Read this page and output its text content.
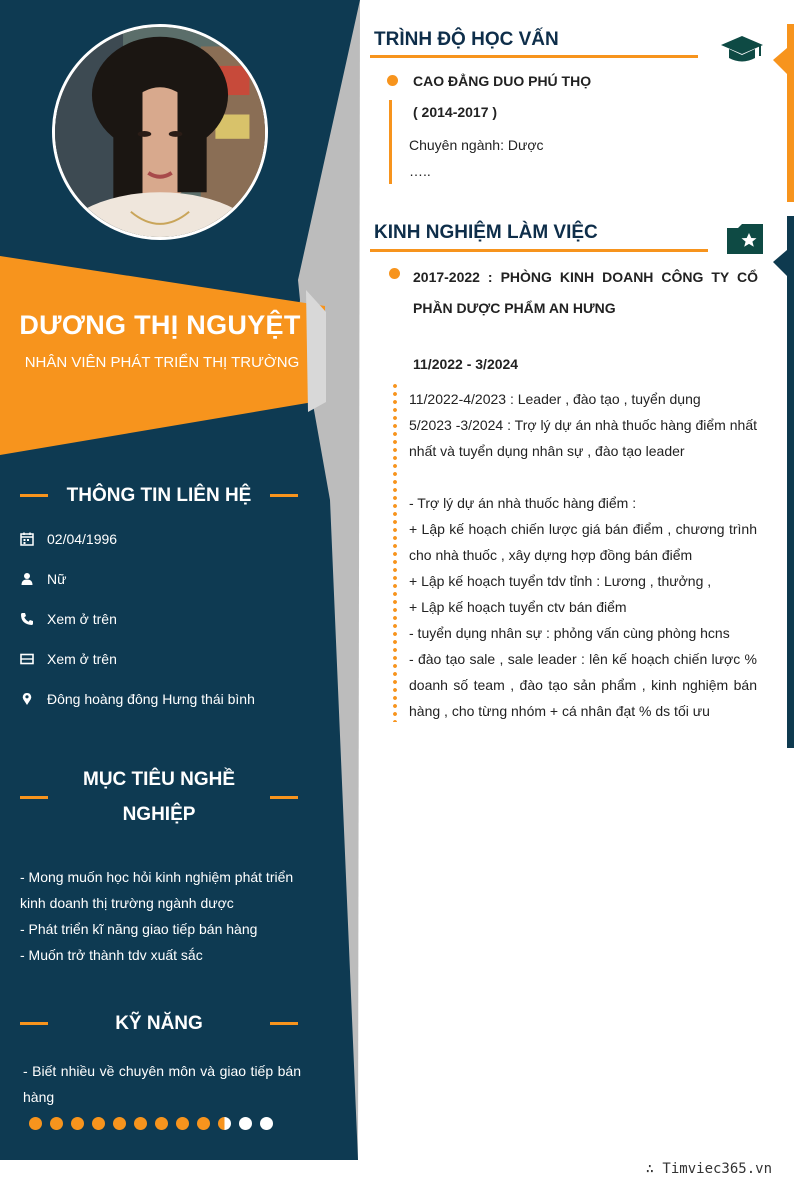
DƯƠNG THỊ NGUYỆT
NHÂN VIÊN PHÁT TRIỂN THỊ TRƯỜNG
THÔNG TIN LIÊN HỆ
02/04/1996
Nữ
Xem ở trên
Xem ở trên
Đông hoàng đông Hưng thái bình
MỤC TIÊU NGHỀ NGHIỆP

- Mong muốn học hỏi kinh nghiệm phát triển kinh doanh thị trường ngành dược

- Phát triển kĩ năng giao tiếp bán hàng

- Muốn trở thành tdv xuất sắc

KỸ NĂNG

- Biết nhiều về chuyên môn và giao tiếp bán hàng

TRÌNH ĐỘ HỌC VẤN
CAO ĐẲNG DUO PHÚ THỌ
( 2014-2017 )
Chuyên ngành: Dược
…..
KINH NGHIỆM LÀM VIỆC
2017-2022 : PHÒNG KINH DOANH CÔNG TY CỔ PHẦN DƯỢC PHẨM AN HƯNG
11/2022 - 3/2024

11/2022-4/2023 : Leader , đào tạo , tuyển dụng

5/2023 -3/2024 : Trợ lý dự án nhà thuốc hàng điểm nhất nhất và tuyển dụng nhân sự , đào tạo leader

- Trợ lý dự án nhà thuốc hàng điểm :

+ Lập kế hoạch chiến lược giá bán điểm , chương trình cho nhà thuốc , xây dựng hợp đồng bán điểm

+ Lập kế hoạch tuyển tdv tỉnh : Lương , thưởng ,

+ Lập kế hoạch tuyển ctv bán điểm

- tuyển dụng nhân sự : phỏng vấn cùng phòng hcns

- đào tạo sale , sale leader : lên kế hoạch chiến lược % doanh số team , đào tạo sản phẩm , kinh nghiệm bán hàng , cho từng nhóm + cá nhân đạt % ds tối ưu

∴ Timviec365.vn
